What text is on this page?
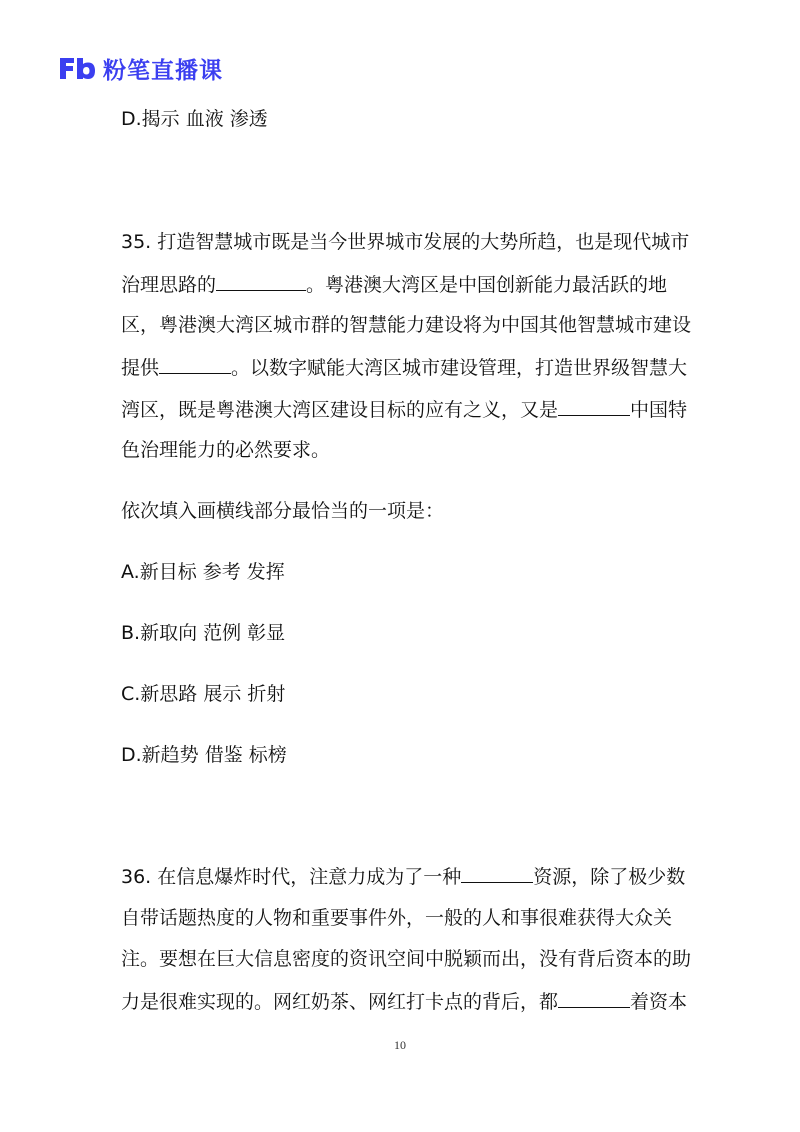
粉笔直播课
D.揭示 血液 渗透
35. 打造智慧城市既是当今世界城市发展的大势所趋，也是现代城市
治理思路的	。粤港澳大湾区是中国创新能力最活跃的地
区，粤港澳大湾区城市群的智慧能力建设将为中国其他智慧城市建设
提供	。以数字赋能大湾区城市建设管理，打造世界级智慧大
湾区，既是粤港澳大湾区建设目标的应有之义，又是	中国特
色治理能力的必然要求。
依次填入画横线部分最恰当的一项是：
A.新目标 参考 发挥
B.新取向 范例 彰显
C.新思路 展示 折射
D.新趋势 借鉴 标榜
36. 在信息爆炸时代，注意力成为了一种	资源，除了极少数
自带话题热度的人物和重要事件外，一般的人和事很难获得大众关
注。要想在巨大信息密度的资讯空间中脱颖而出，没有背后资本的助
力是很难实现的。网红奶茶、网红打卡点的背后，都	着资本
10
